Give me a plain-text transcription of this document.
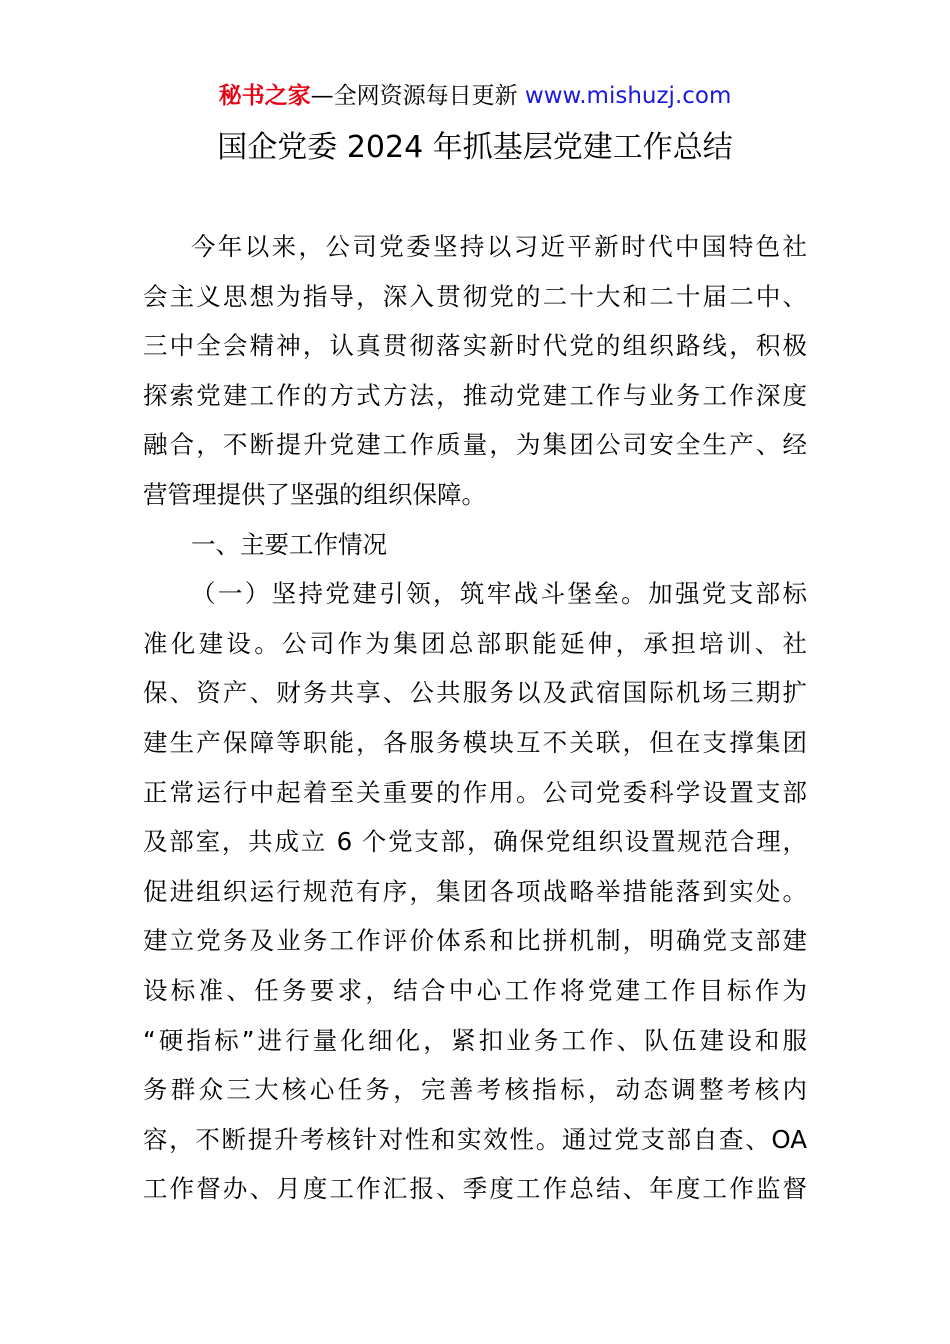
秘书之家—全网资源每日更新 www.mishuzj.com
国企党委 2024 年抓基层党建工作总结
今年以来，公司党委坚持以习近平新时代中国特色社
会主义思想为指导，深入贯彻党的二十大和二十届二中、
三中全会精神，认真贯彻落实新时代党的组织路线，积极
探索党建工作的方式方法，推动党建工作与业务工作深度
融合，不断提升党建工作质量，为集团公司安全生产、经
营管理提供了坚强的组织保障。
一、主要工作情况
（一）坚持党建引领，筑牢战斗堡垒。加强党支部标
准化建设。公司作为集团总部职能延伸，承担培训、社
保、资产、财务共享、公共服务以及武宿国际机场三期扩
建生产保障等职能，各服务模块互不关联，但在支撑集团
正常运行中起着至关重要的作用。公司党委科学设置支部
及部室，共成立 6 个党支部，确保党组织设置规范合理，
促进组织运行规范有序，集团各项战略举措能落到实处。
建立党务及业务工作评价体系和比拼机制，明确党支部建
设标准、任务要求，结合中心工作将党建工作目标作为
“硬指标”进行量化细化，紧扣业务工作、队伍建设和服
务群众三大核心任务，完善考核指标，动态调整考核内
容，不断提升考核针对性和实效性。通过党支部自查、OA
工作督办、月度工作汇报、季度工作总结、年度工作监督
